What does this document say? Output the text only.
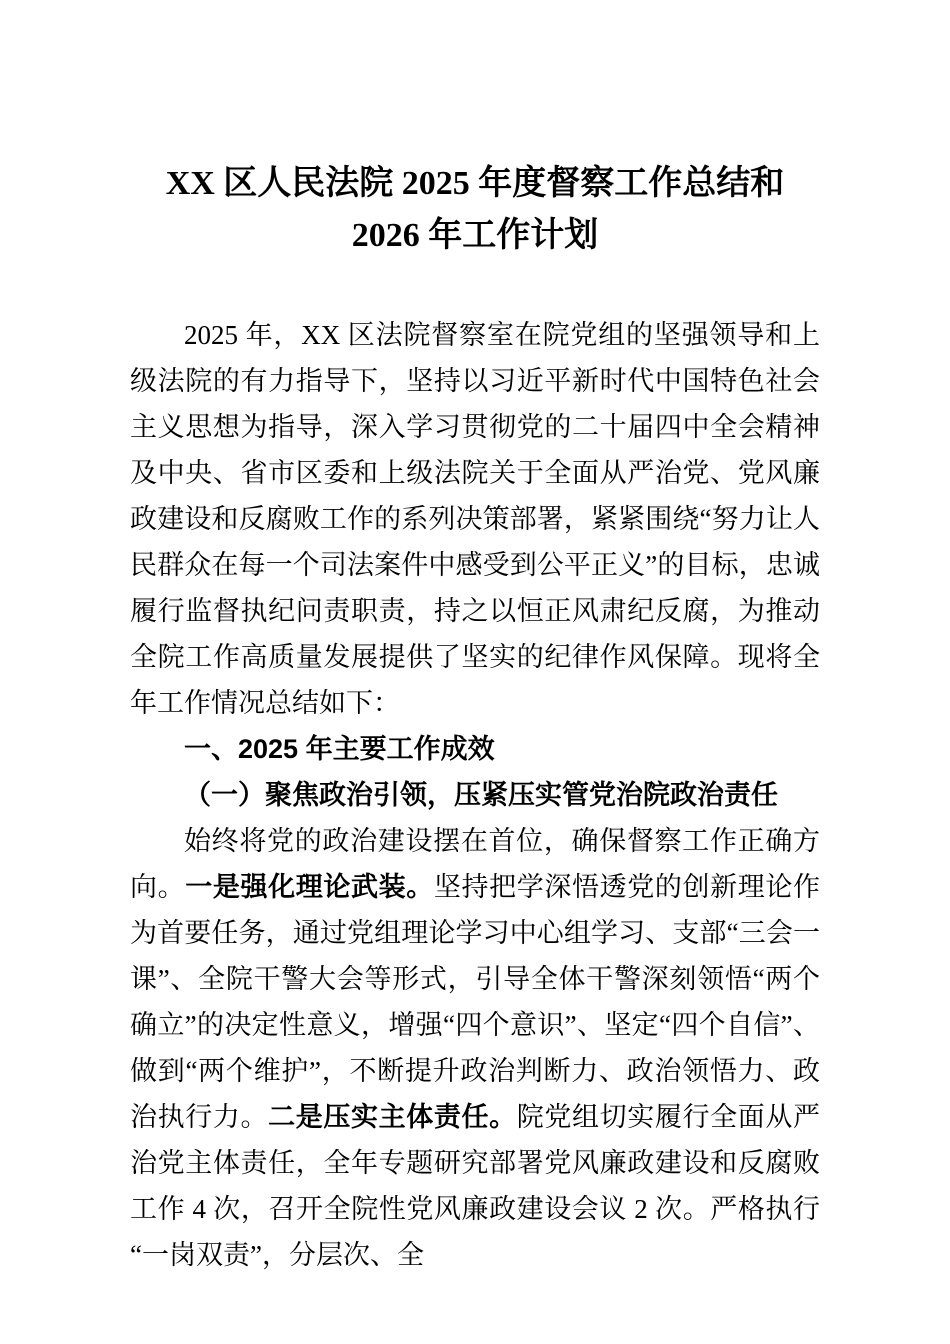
XX 区人民法院 2025 年度督察工作总结和
2026 年工作计划

2025 年，XX 区法院督察室在院党组的坚强领导和上级法院的有力指导下，坚持以习近平新时代中国特色社会主义思想为指导，深入学习贯彻党的二十届四中全会精神及中央、省市区委和上级法院关于全面从严治党、党风廉政建设和反腐败工作的系列决策部署，紧紧围绕“努力让人民群众在每一个司法案件中感受到公平正义”的目标，忠诚履行监督执纪问责职责，持之以恒正风肃纪反腐，为推动全院工作高质量发展提供了坚实的纪律作风保障。现将全年工作情况总结如下：

一、2025 年主要工作成效

（一）聚焦政治引领，压紧压实管党治院政治责任

始终将党的政治建设摆在首位，确保督察工作正确方向。一是强化理论武装。坚持把学深悟透党的创新理论作为首要任务，通过党组理论学习中心组学习、支部“三会一课”、全院干警大会等形式，引导全体干警深刻领悟“两个确立”的决定性意义，增强“四个意识”、坚定“四个自信”、做到“两个维护”，不断提升政治判断力、政治领悟力、政治执行力。二是压实主体责任。院党组切实履行全面从严治党主体责任，全年专题研究部署党风廉政建设和反腐败工作 4 次，召开全院性党风廉政建设会议 2 次。严格执行“一岗双责”，分层次、全
